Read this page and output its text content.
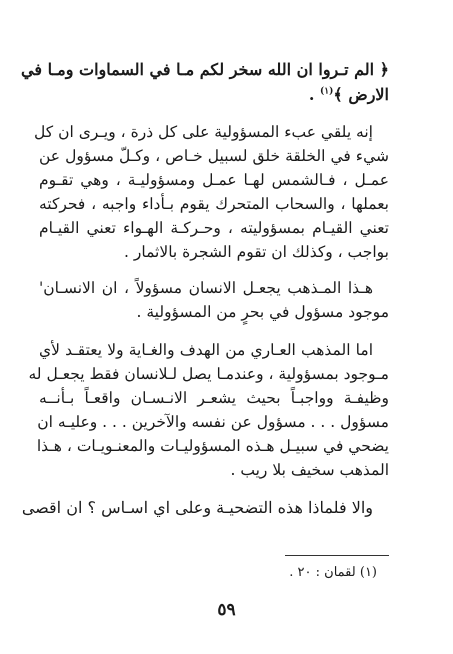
﴿ الم تـروا ان الله سخر لكم مـا في السماوات ومـا في
الارض ﴾$^{(١)}$ .
إنه يلقي عبء المسؤولية على كل ذرة ، ويـرى ان كل
شيء في الخلقة خلق لسبيل خـاص ، وكـلّ مسؤول عن
عمـل ، فـالشمس لهـا عمـل ومسؤوليـة ، وهي تقـوم
بعملها ، والسحاب المتحرك يقوم بـأداء واجبه ، فحركته
تعني القيـام بمسؤوليته ، وحـركـة الهـواء تعني القيـام
بواجب ، وكذلك ان تقوم الشجرة بالاثمار .
هـذا المـذهب يجعـل الانسان مسؤولاً ، ان الانسـان'
موجود مسؤول في بحرٍ من المسؤولية .
اما المذهب العـاري من الهدف والغـاية ولا يعتقـد لأي
مـوجود بمسؤولية ، وعندمـا يصل لـلانسان فقط يجعـل له
وظيفـة وواجبـاً بحيث يشعـر الانـسـان واقعـاً بـأنــه
مسؤول . . . مسؤول عن نفسه والآخرين . . . وعليـه ان
يضحي في سبيـل هـذه المسؤوليـات والمعنـويـات ، هـذا
المذهب سخيف بلا ريب .
والا فلماذا هذه التضحيـة وعلى اي اسـاس ؟ ان اقصى
(١) لقمان : ٢٠ .
٥٩
